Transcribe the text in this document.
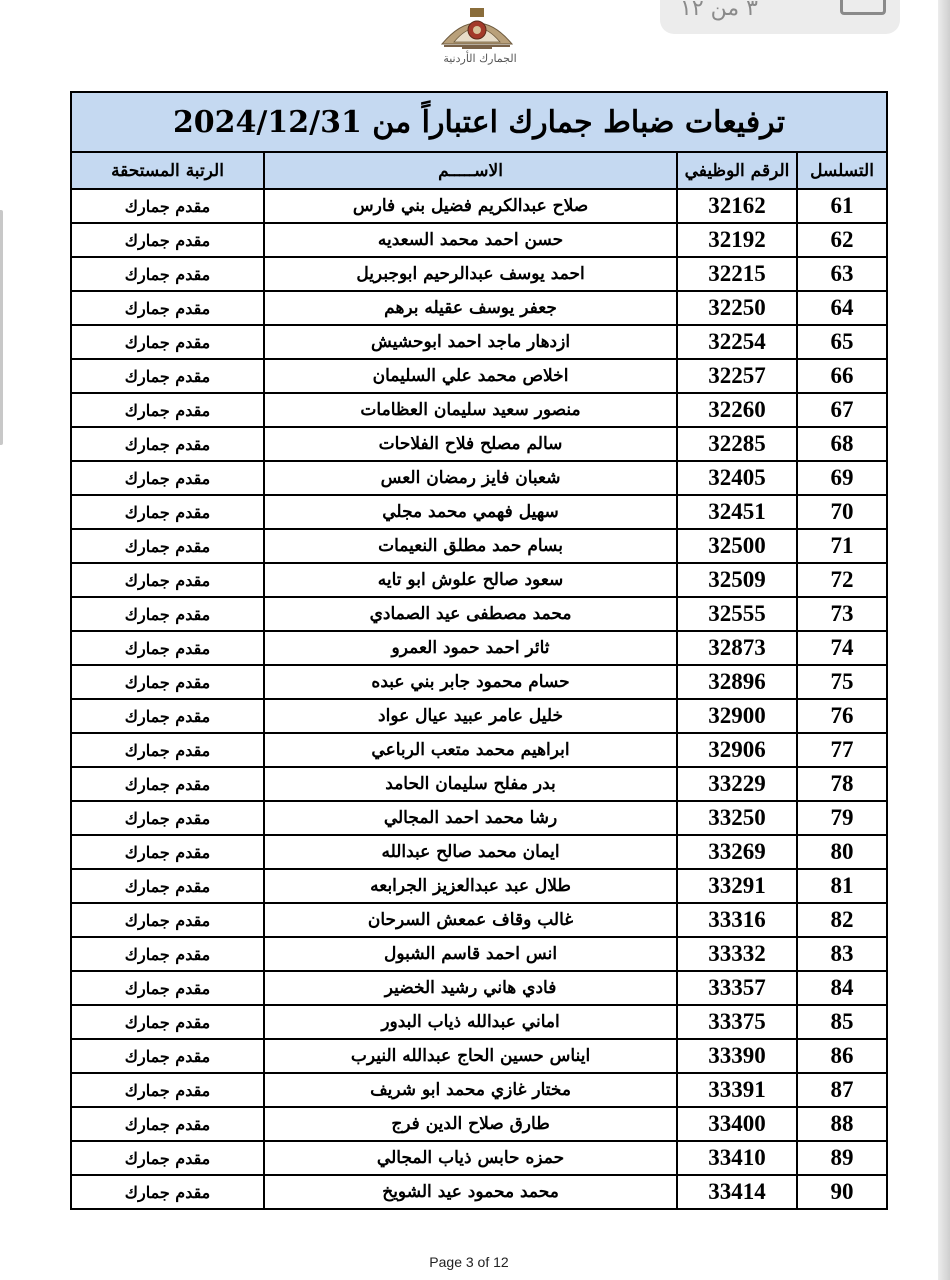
٣ من ١٢
الجمارك الأردنية
ترفيعات ضباط جمارك اعتباراً من 2024/12/31			
التسلسل	الرقم الوظيفي	الاســـــم	الرتبة المستحقة
61	32162	صلاح عبدالكريم فضيل بني فارس	مقدم جمارك
62	32192	حسن احمد محمد السعديه	مقدم جمارك
63	32215	احمد يوسف عبدالرحيم ابوجبريل	مقدم جمارك
64	32250	جعفر يوسف عقيله برهم	مقدم جمارك
65	32254	ازدهار ماجد احمد ابوحشيش	مقدم جمارك
66	32257	اخلاص محمد علي السليمان	مقدم جمارك
67	32260	منصور سعيد سليمان العظامات	مقدم جمارك
68	32285	سالم مصلح فلاح الفلاحات	مقدم جمارك
69	32405	شعبان فايز رمضان العس	مقدم جمارك
70	32451	سهيل فهمي محمد مجلي	مقدم جمارك
71	32500	بسام حمد مطلق النعيمات	مقدم جمارك
72	32509	سعود صالح علوش ابو تايه	مقدم جمارك
73	32555	محمد مصطفى عيد الصمادي	مقدم جمارك
74	32873	ثائر احمد حمود العمرو	مقدم جمارك
75	32896	حسام محمود جابر بني عبده	مقدم جمارك
76	32900	خليل عامر عبيد عيال عواد	مقدم جمارك
77	32906	ابراهيم محمد متعب الرباعي	مقدم جمارك
78	33229	بدر مفلح سليمان الحامد	مقدم جمارك
79	33250	رشا محمد احمد المجالي	مقدم جمارك
80	33269	ايمان محمد صالح عبدالله	مقدم جمارك
81	33291	طلال عبد عبدالعزيز الجرابعه	مقدم جمارك
82	33316	غالب وقاف عمعش السرحان	مقدم جمارك
83	33332	انس احمد قاسم الشبول	مقدم جمارك
84	33357	فادي هاني رشيد الخضير	مقدم جمارك
85	33375	اماني عبدالله ذياب البدور	مقدم جمارك
86	33390	ايناس حسين الحاج عبدالله النيرب	مقدم جمارك
87	33391	مختار غازي محمد ابو شريف	مقدم جمارك
88	33400	طارق صلاح الدين فرج	مقدم جمارك
89	33410	حمزه حابس ذياب المجالي	مقدم جمارك
90	33414	محمد محمود عيد الشويخ	مقدم جمارك
Page 3 of 12
